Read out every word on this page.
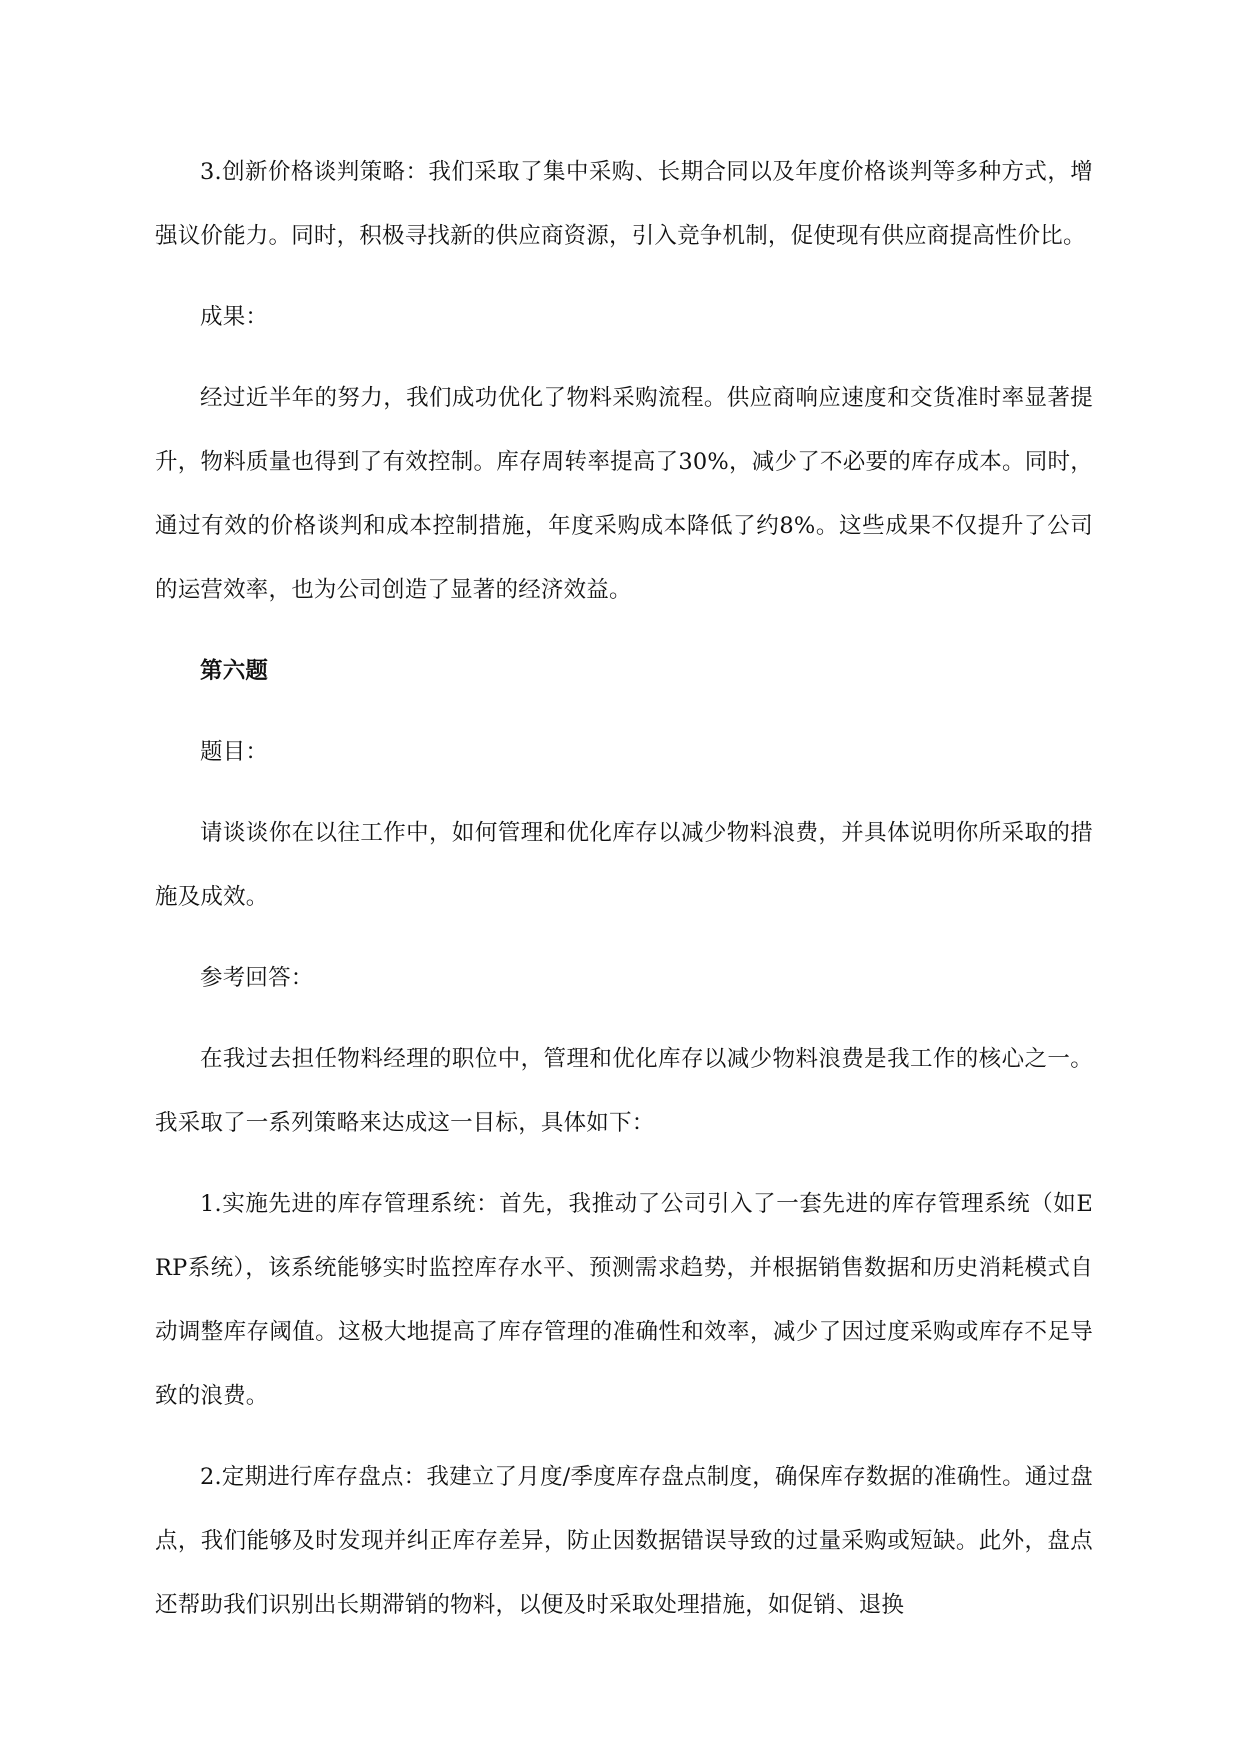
3.创新价格谈判策略：我们采取了集中采购、长期合同以及年度价格谈判等多种方式，增强议价能力。同时，积极寻找新的供应商资源，引入竞争机制，促使现有供应商提高性价比。

成果：

经过近半年的努力，我们成功优化了物料采购流程。供应商响应速度和交货准时率显著提升，物料质量也得到了有效控制。库存周转率提高了30%，减少了不必要的库存成本。同时，通过有效的价格谈判和成本控制措施，年度采购成本降低了约8%。这些成果不仅提升了公司的运营效率，也为公司创造了显著的经济效益。

第六题

题目：

请谈谈你在以往工作中，如何管理和优化库存以减少物料浪费，并具体说明你所采取的措施及成效。

参考回答：

在我过去担任物料经理的职位中，管理和优化库存以减少物料浪费是我工作的核心之一。我采取了一系列策略来达成这一目标，具体如下：

1.实施先进的库存管理系统：首先，我推动了公司引入了一套先进的库存管理系统（如ERP系统），该系统能够实时监控库存水平、预测需求趋势，并根据销售数据和历史消耗模式自动调整库存阈值。这极大地提高了库存管理的准确性和效率，减少了因过度采购或库存不足导致的浪费。

2.定期进行库存盘点：我建立了月度/季度库存盘点制度，确保库存数据的准确性。通过盘点，我们能够及时发现并纠正库存差异，防止因数据错误导致的过量采购或短缺。此外，盘点还帮助我们识别出长期滞销的物料，以便及时采取处理措施，如促销、退换
